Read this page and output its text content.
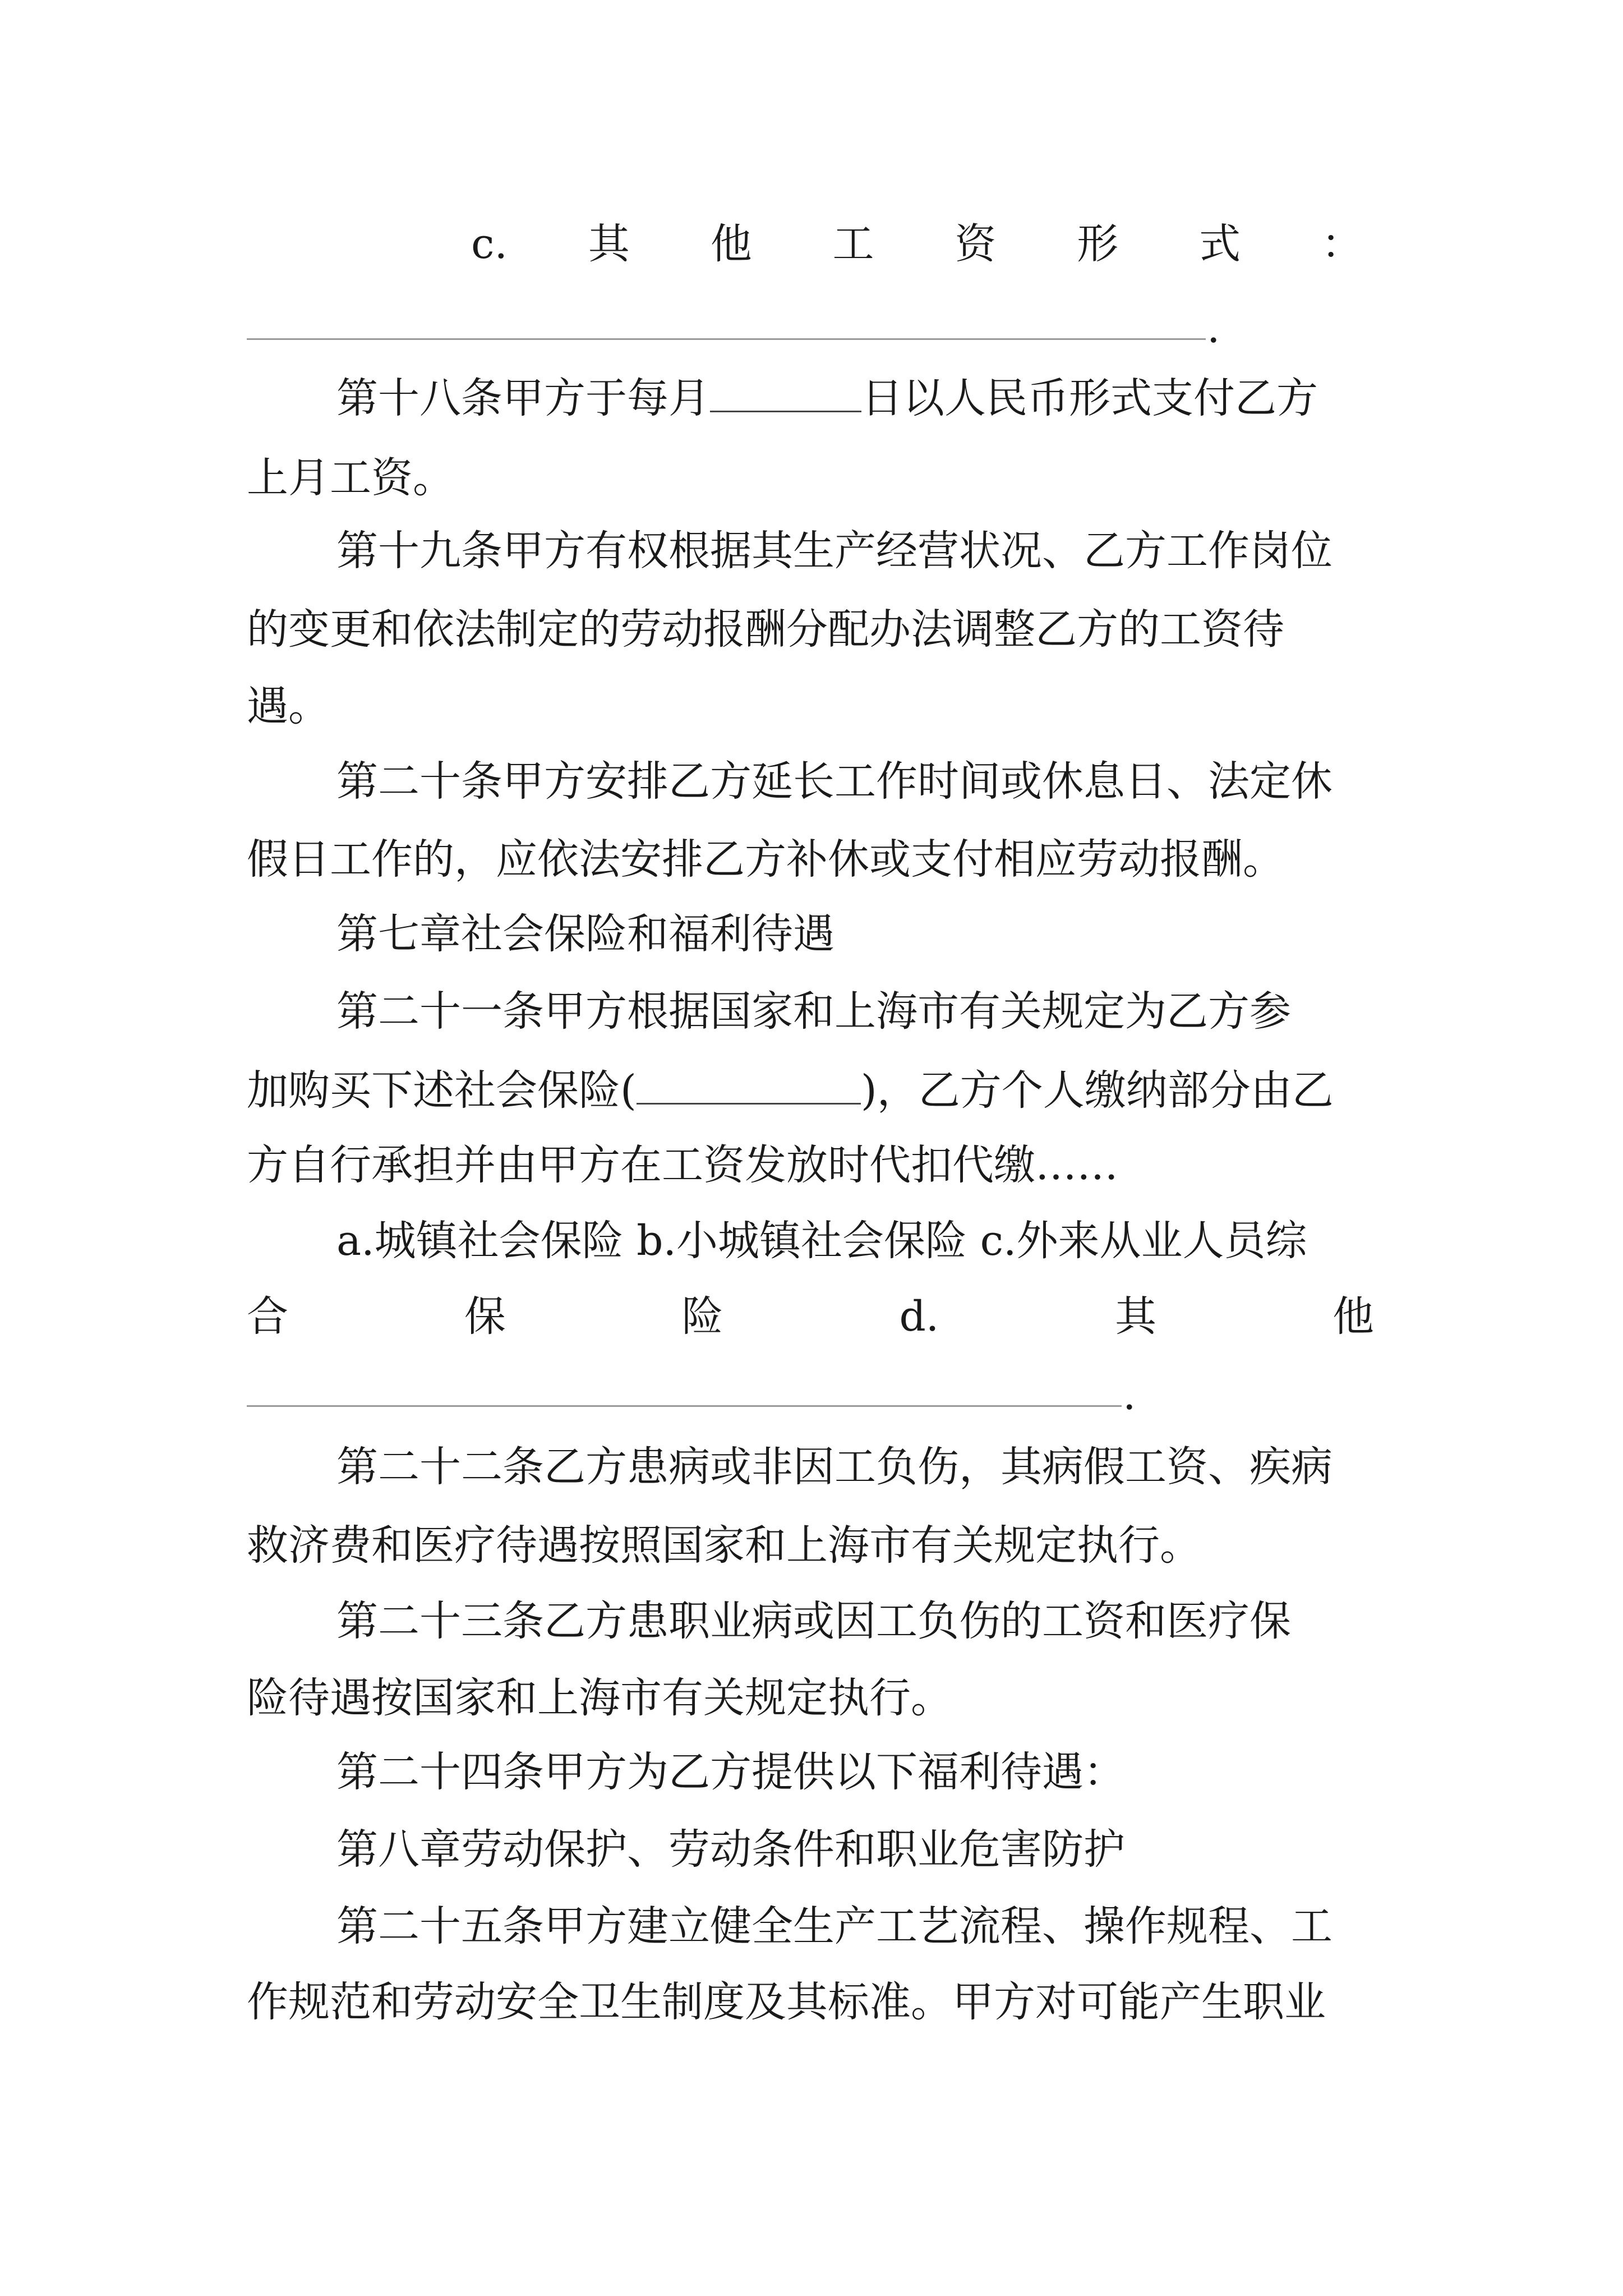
c. 其 他 工 资 形 式 ：
.
第十八条甲方于每月	日以人民币形式支付乙方
上月工资。
第十九条甲方有权根据其生产经营状况、乙方工作岗位
的变更和依法制定的劳动报酬分配办法调整乙方的工资待
遇。
第二十条甲方安排乙方延长工作时间或休息日、法定休
假日工作的，应依法安排乙方补休或支付相应劳动报酬。
第七章社会保险和福利待遇
第二十一条甲方根据国家和上海市有关规定为乙方参
加购买下述社会保险(	)，乙方个人缴纳部分由乙
方自行承担并由甲方在工资发放时代扣代缴……
a.城镇社会保险 b.小城镇社会保险 c.外来从业人员综
合	保	险	d.	其	他
.
第二十二条乙方患病或非因工负伤，其病假工资、疾病
救济费和医疗待遇按照国家和上海市有关规定执行。
第二十三条乙方患职业病或因工负伤的工资和医疗保
险待遇按国家和上海市有关规定执行。
第二十四条甲方为乙方提供以下福利待遇：
第八章劳动保护、劳动条件和职业危害防护
第二十五条甲方建立健全生产工艺流程、操作规程、工
作规范和劳动安全卫生制度及其标准。甲方对可能产生职业
